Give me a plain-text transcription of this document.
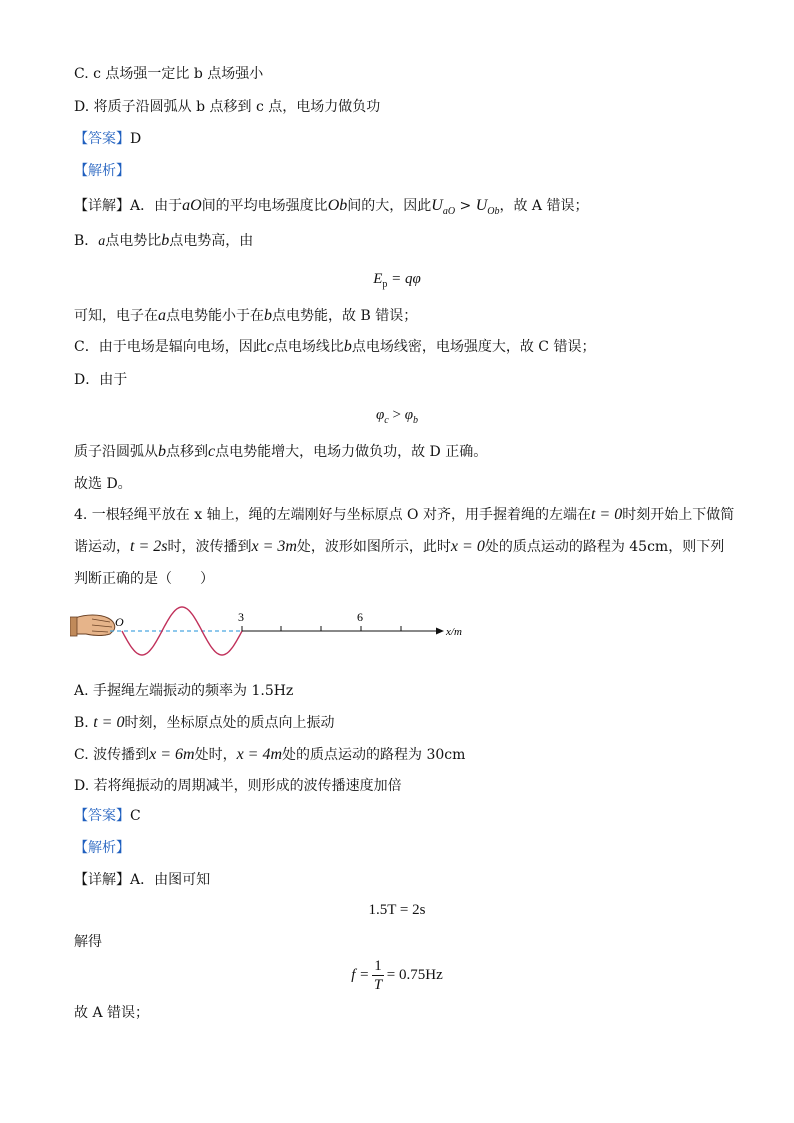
C. c 点场强一定比 b 点场强小
D. 将质子沿圆弧从 b 点移到 c 点，电场力做负功
【答案】D
【解析】
【详解】A．由于aO间的平均电场强度比Ob间的大，因此$U_{aO} > U_{Ob}$，故 A 错误；
B．a点电势比b点电势高，由
$E_p = q\varphi$
可知，电子在a点电势能小于在b点电势能，故 B 错误；
C．由于电场是辐向电场，因此c点电场线比b点电场线密，电场强度大，故 C 错误；
D．由于
$\varphi_c > \varphi_b$
质子沿圆弧从b点移到c点电势能增大，电场力做负功，故 D 正确。
故选 D。
4. 一根轻绳平放在 x 轴上，绳的左端刚好与坐标原点 O 对齐，用手握着绳的左端在t = 0时刻开始上下做简
谐运动，t = 2s时，波传播到x = 3m处，波形如图所示，此时x = 0处的质点运动的路程为 45cm，则下列
判断正确的是（　　）
O	3	6
x/m
A. 手握绳左端振动的频率为 1.5Hz
B. t = 0时刻，坐标原点处的质点向上振动
C. 波传播到x = 6m处时，x = 4m处的质点运动的路程为 30cm
D. 若将绳振动的周期减半，则形成的波传播速度加倍
【答案】C
【解析】
【详解】A．由图可知
1.5T = 2s
解得
$f = \frac{1}{T} = 0.75Hz$
故 A 错误；
